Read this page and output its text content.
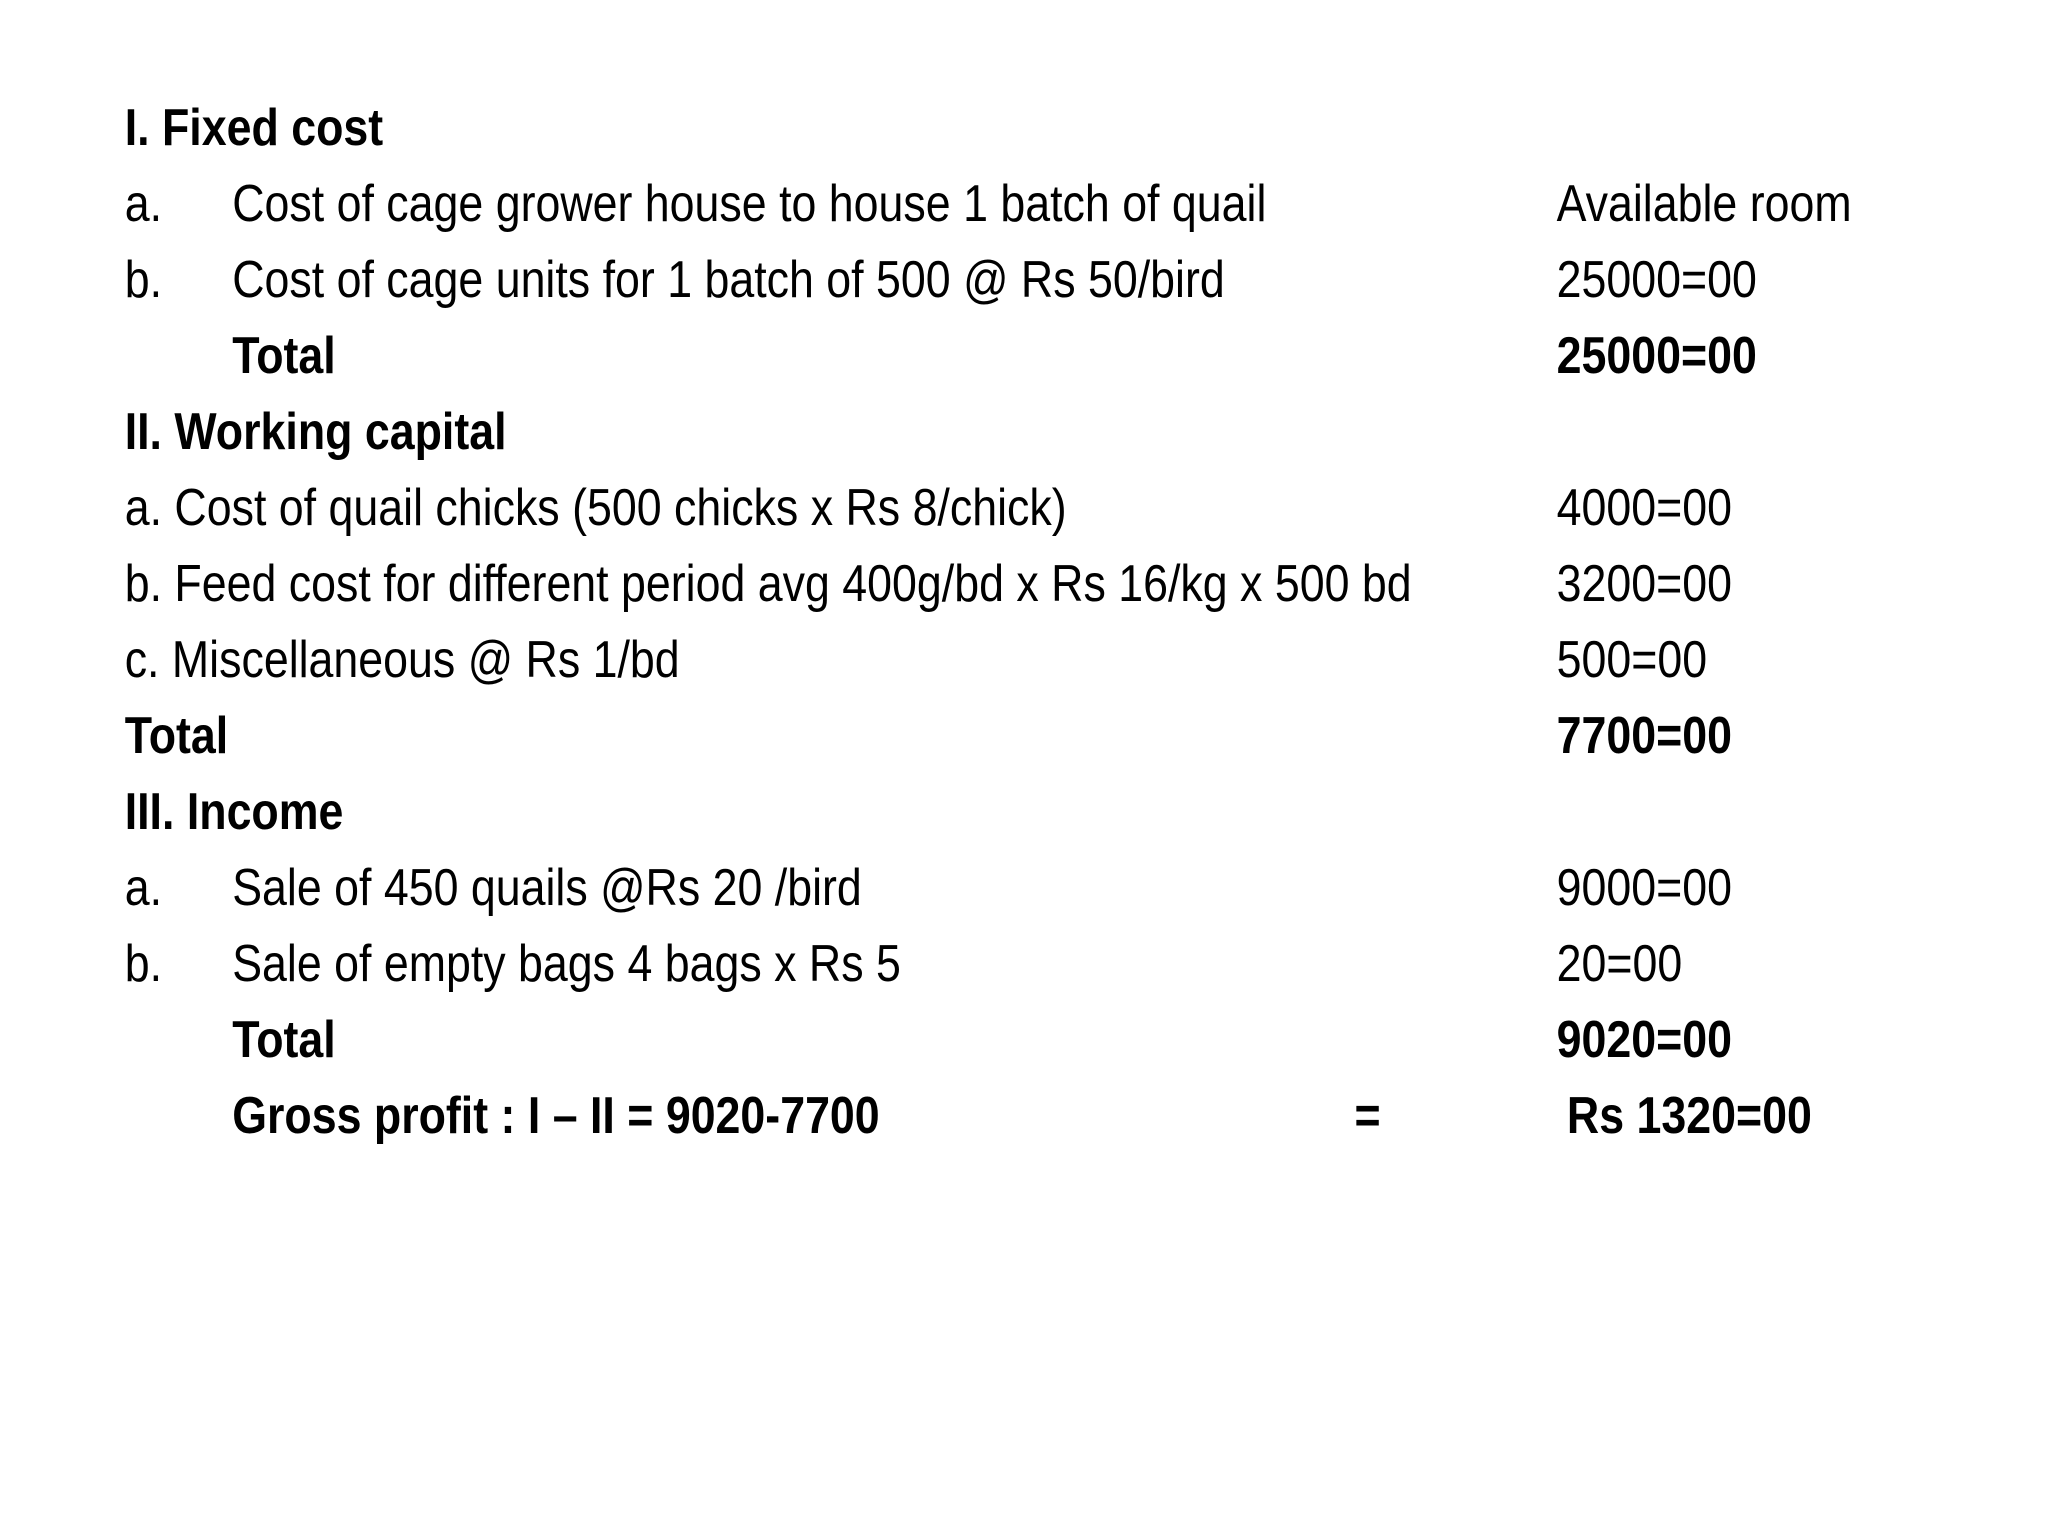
I. Fixed cost
a. Cost of cage grower house to house 1 batch of quail	Available room
b. Cost of cage units for 1 batch of 500 @ Rs 50/bird	25000=00
Total	25000=00
II. Working capital
a. Cost of quail chicks (500 chicks x Rs 8/chick)	4000=00
b. Feed cost for different period avg 400g/bd x Rs 16/kg x 500 bd	3200=00
c. Miscellaneous @ Rs 1/bd	500=00
Total	7700=00
III. Income
a. Sale of 450 quails @Rs 20 /bird	9000=00
b. Sale of empty bags 4 bags x Rs 5	20=00
Total	9020=00
Gross profit : I – II = 9020-7700	=	Rs 1320=00
